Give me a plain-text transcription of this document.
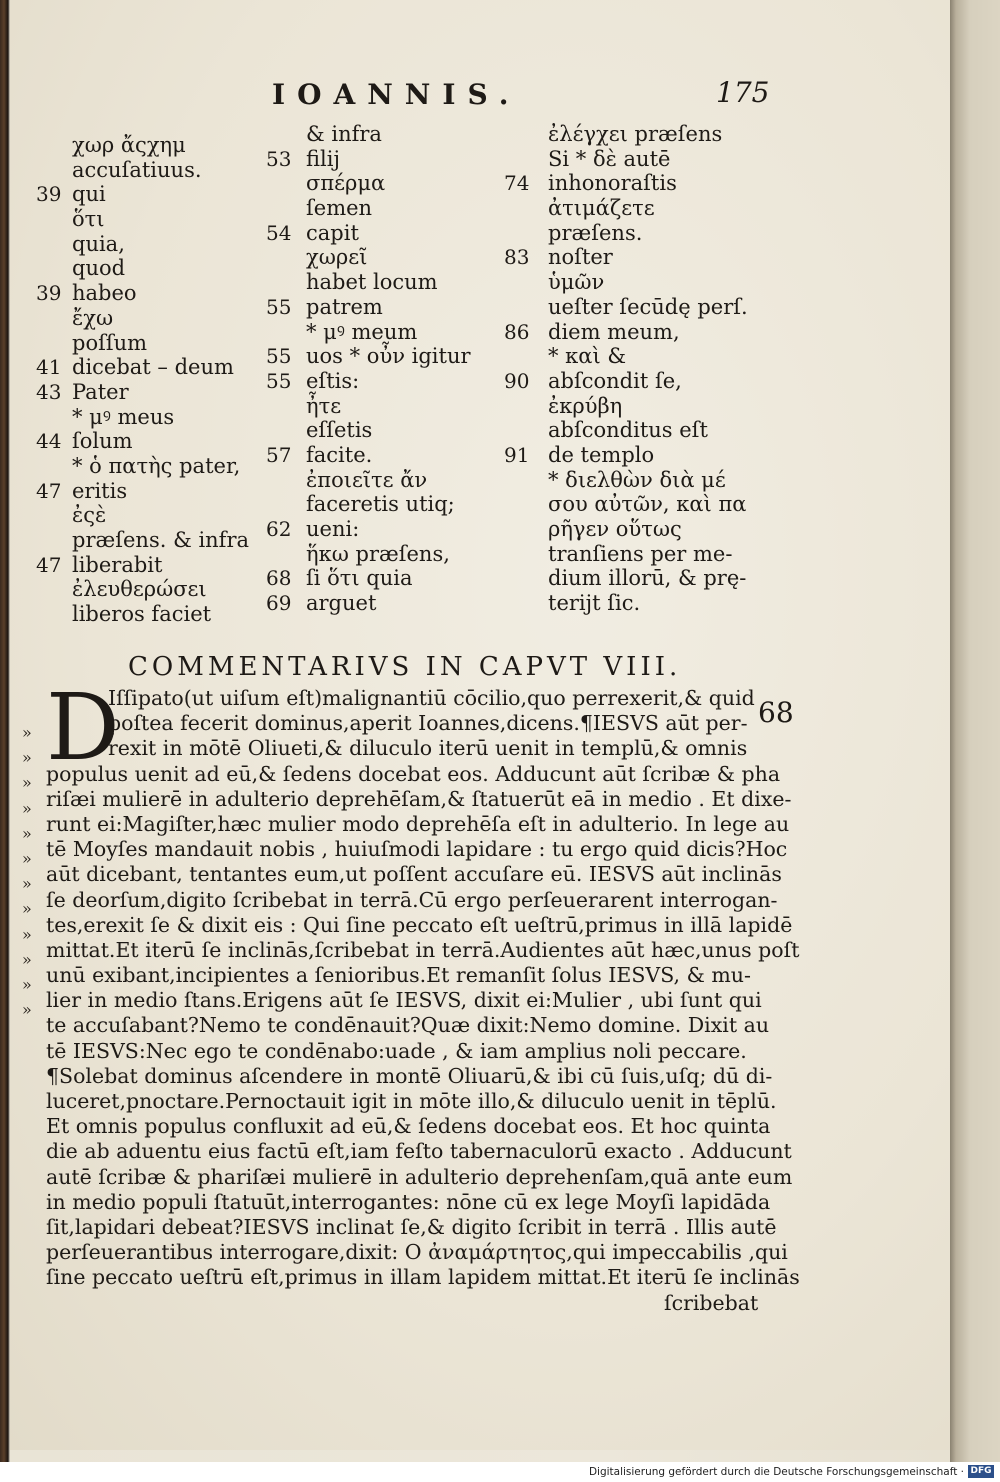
IOANNIS.	175
χωρ ἄςχημ
accuſatiuus.
39 qui
ὅτι
quia,
quod
39 habeo
ἔχω
poſſum
41 dicebat – deum
43 Pater
* μꝰ meus
44 ſolum
* ὁ πατὴς pater,
47 eritis
ἐςὲ
præſens. & infra
47 liberabit
ἐλευθερώσει
liberos faciet
& infra
53 filij
σπέρμα
ſemen
54 capit
χωρεῖ
habet locum
55 patrem
* μꝰ meum
55 uos * οὖν igitur
55 eſtis:
ἦτε
eſſetis
57 facite.
ἐποιεῖτε ἄν
faceretis utiq;
62 ueni:
ἥκω præſens,
68 ſi ὅτι quia
69 arguet
ἐλέγχει præſens
Si * δὲ autē
74 inhonoraſtis
ἀτιμάζετε
præſens.
83 noſter
ὑμῶν
ueſter ſecūdę perſ.
86 diem meum,
* καὶ &
90 abſcondit ſe,
ἐκρύβη
abſconditus eſt
91 de templo
* διελθὼν διὰ μέ
σου αὐτῶν, καὶ πα
ρῆγεν οὕτως
tranſiens per me-
dium illorū, & prę-
terijt ſic.
COMMENTARIVS IN CAPVT VIII.
68
D
»
»
»
»
»
»
»
»
»
»
»
»
Iſſipato(ut uiſum eſt)malignantiū cōcilio,quo perrexerit,& quid
poſtea fecerit dominus,aperit Ioannes,dicens.¶IESVS aūt per-
rexit in mōtē Oliueti,& diluculo iterū uenit in templū,& omnis
populus uenit ad eū,& ſedens docebat eos. Adducunt aūt ſcribæ & pha
riſæi mulierē in adulterio deprehēſam,& ſtatuerūt eā in medio . Et dixe-
runt ei:Magiſter,hæc mulier modo deprehēſa eſt in adulterio. In lege au
tē Moyſes mandauit nobis , huiuſmodi lapidare : tu ergo quid dicis?Hoc
aūt dicebant, tentantes eum,ut poſſent accuſare eū. IESVS aūt inclinās
ſe deorſum,digito ſcribebat in terrā.Cū ergo perſeuerarent interrogan-
tes,erexit ſe & dixit eis : Qui ſine peccato eſt ueſtrū,primus in illā lapidē
mittat.Et iterū ſe inclinās,ſcribebat in terrā.Audientes aūt hæc,unus poſt
unū exibant,incipientes a ſenioribus.Et remanſit ſolus IESVS, & mu-
lier in medio ſtans.Erigens aūt ſe IESVS, dixit ei:Mulier , ubi ſunt qui
te accuſabant?Nemo te condēnauit?Quæ dixit:Nemo domine. Dixit au
tē IESVS:Nec ego te condēnabo:uade , & iam amplius noli peccare.
¶Solebat dominus aſcendere in montē Oliuarū,& ibi cū ſuis,uſq; dū di-
luceret,pnoctare.Pernoctauit igit in mōte illo,& diluculo uenit in tēplū.
Et omnis populus confluxit ad eū,& ſedens docebat eos. Et hoc quinta
die ab aduentu eius factū eſt,iam feſto tabernaculorū exacto . Adducunt
autē ſcribæ & phariſæi mulierē in adulterio deprehenſam,quā ante eum
in medio populi ſtatuūt,interrogantes: nōne cū ex lege Moyſi lapidāda
ſit,lapidari debeat?IESVS inclinat ſe,& digito ſcribit in terrā . Illis autē
perſeuerantibus interrogare,dixit: O ἀναμάρτητος,qui impeccabilis ,qui
ſine peccato ueſtrū eſt,primus in illam lapidem mittat.Et iterū ſe inclinās
ſcribebat
Digitalisierung gefördert durch die Deutsche Forschungsgemeinschaft · DFG
